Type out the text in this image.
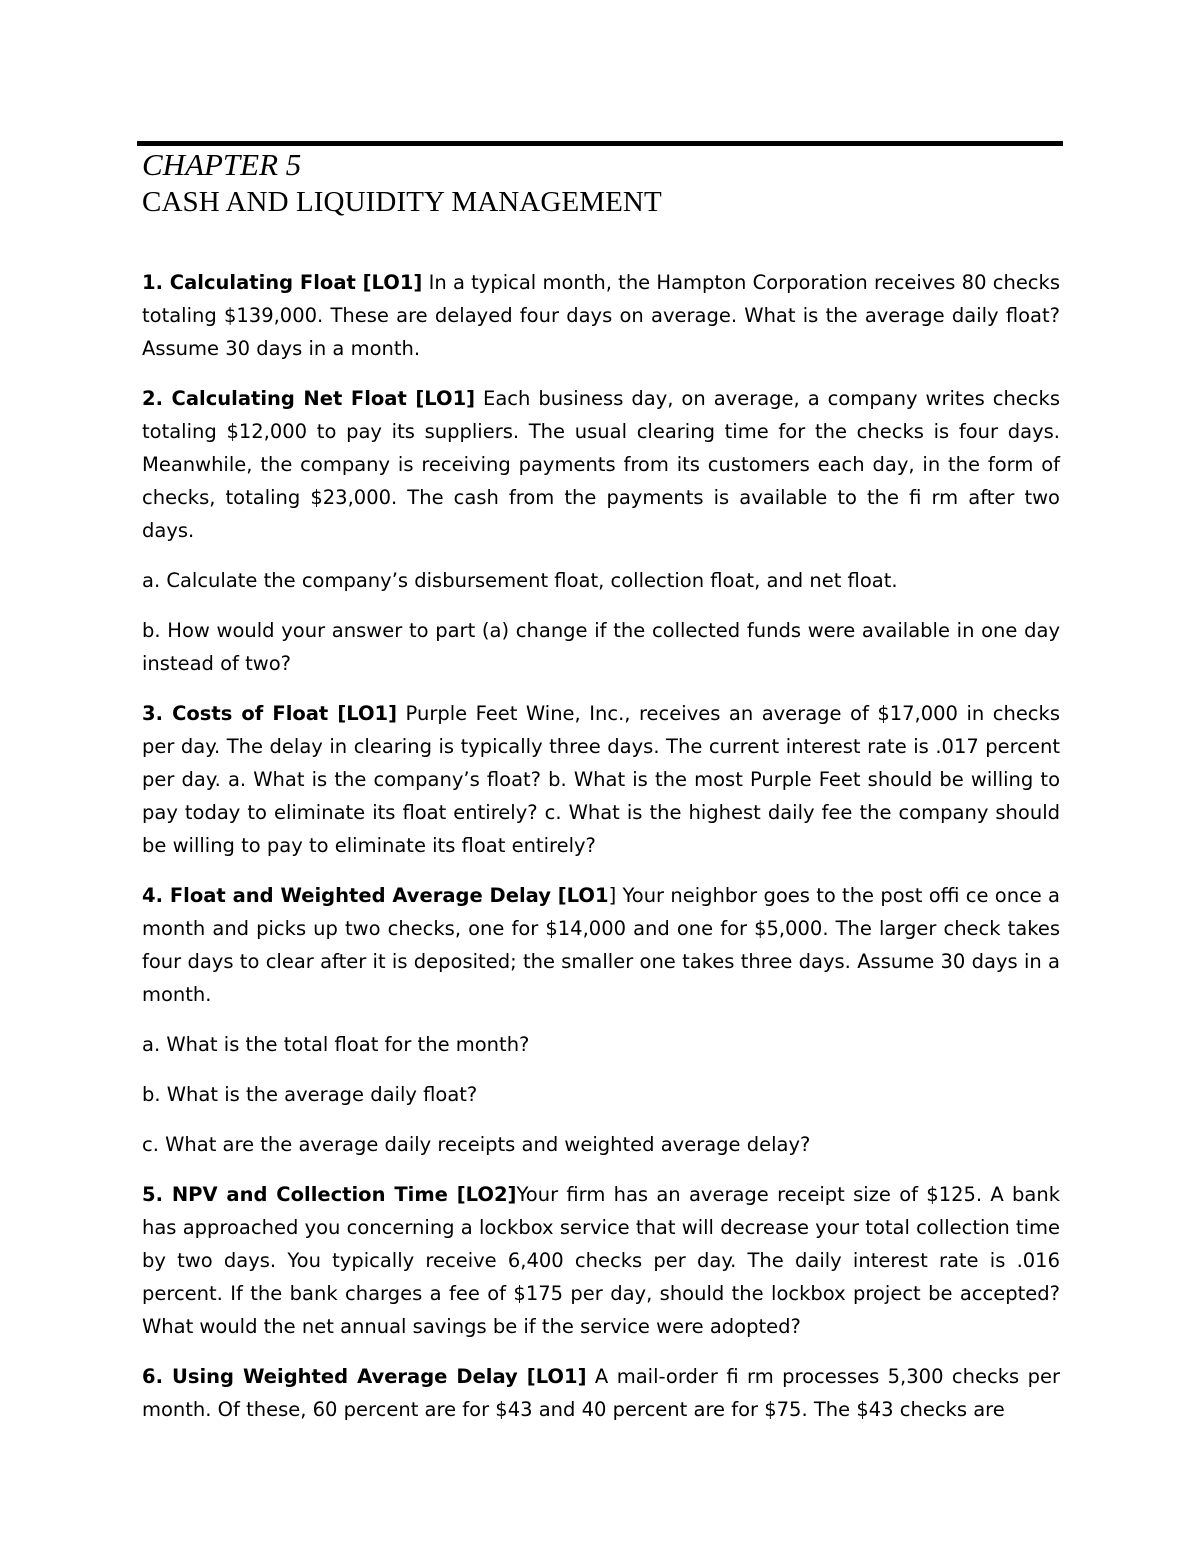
CHAPTER 5
CASH AND LIQUIDITY MANAGEMENT

1. Calculating Float [LO1] In a typical month, the Hampton Corporation receives 80 checks totaling $139,000. These are delayed four days on average. What is the average daily float? Assume 30 days in a month.

2. Calculating Net Float [LO1] Each business day, on average, a company writes checks totaling $12,000 to pay its suppliers. The usual clearing time for the checks is four days. Meanwhile, the company is receiving payments from its customers each day, in the form of checks, totaling $23,000. The cash from the payments is available to the fi rm after two days.

a. Calculate the company’s disbursement float, collection float, and net float.

b. How would your answer to part (a) change if the collected funds were available in one day instead of two?

3. Costs of Float [LO1] Purple Feet Wine, Inc., receives an average of $17,000 in checks per day. The delay in clearing is typically three days. The current interest rate is .017 percent per day. a. What is the company’s float? b. What is the most Purple Feet should be willing to pay today to eliminate its float entirely? c. What is the highest daily fee the company should be willing to pay to eliminate its float entirely?

4. Float and Weighted Average Delay [LO1] Your neighbor goes to the post offi ce once a month and picks up two checks, one for $14,000 and one for $5,000. The larger check takes four days to clear after it is deposited; the smaller one takes three days. Assume 30 days in a month.

a. What is the total float for the month?

b. What is the average daily float?

c. What are the average daily receipts and weighted average delay?

5. NPV and Collection Time [LO2]Your firm has an average receipt size of $125. A bank has approached you concerning a lockbox service that will decrease your total collection time by two days. You typically receive 6,400 checks per day. The daily interest rate is .016 percent. If the bank charges a fee of $175 per day, should the lockbox project be accepted? What would the net annual savings be if the service were adopted?

6. Using Weighted Average Delay [LO1] A mail-order fi rm processes 5,300 checks per month. Of these, 60 percent are for $43 and 40 percent are for $75. The $43 checks are
